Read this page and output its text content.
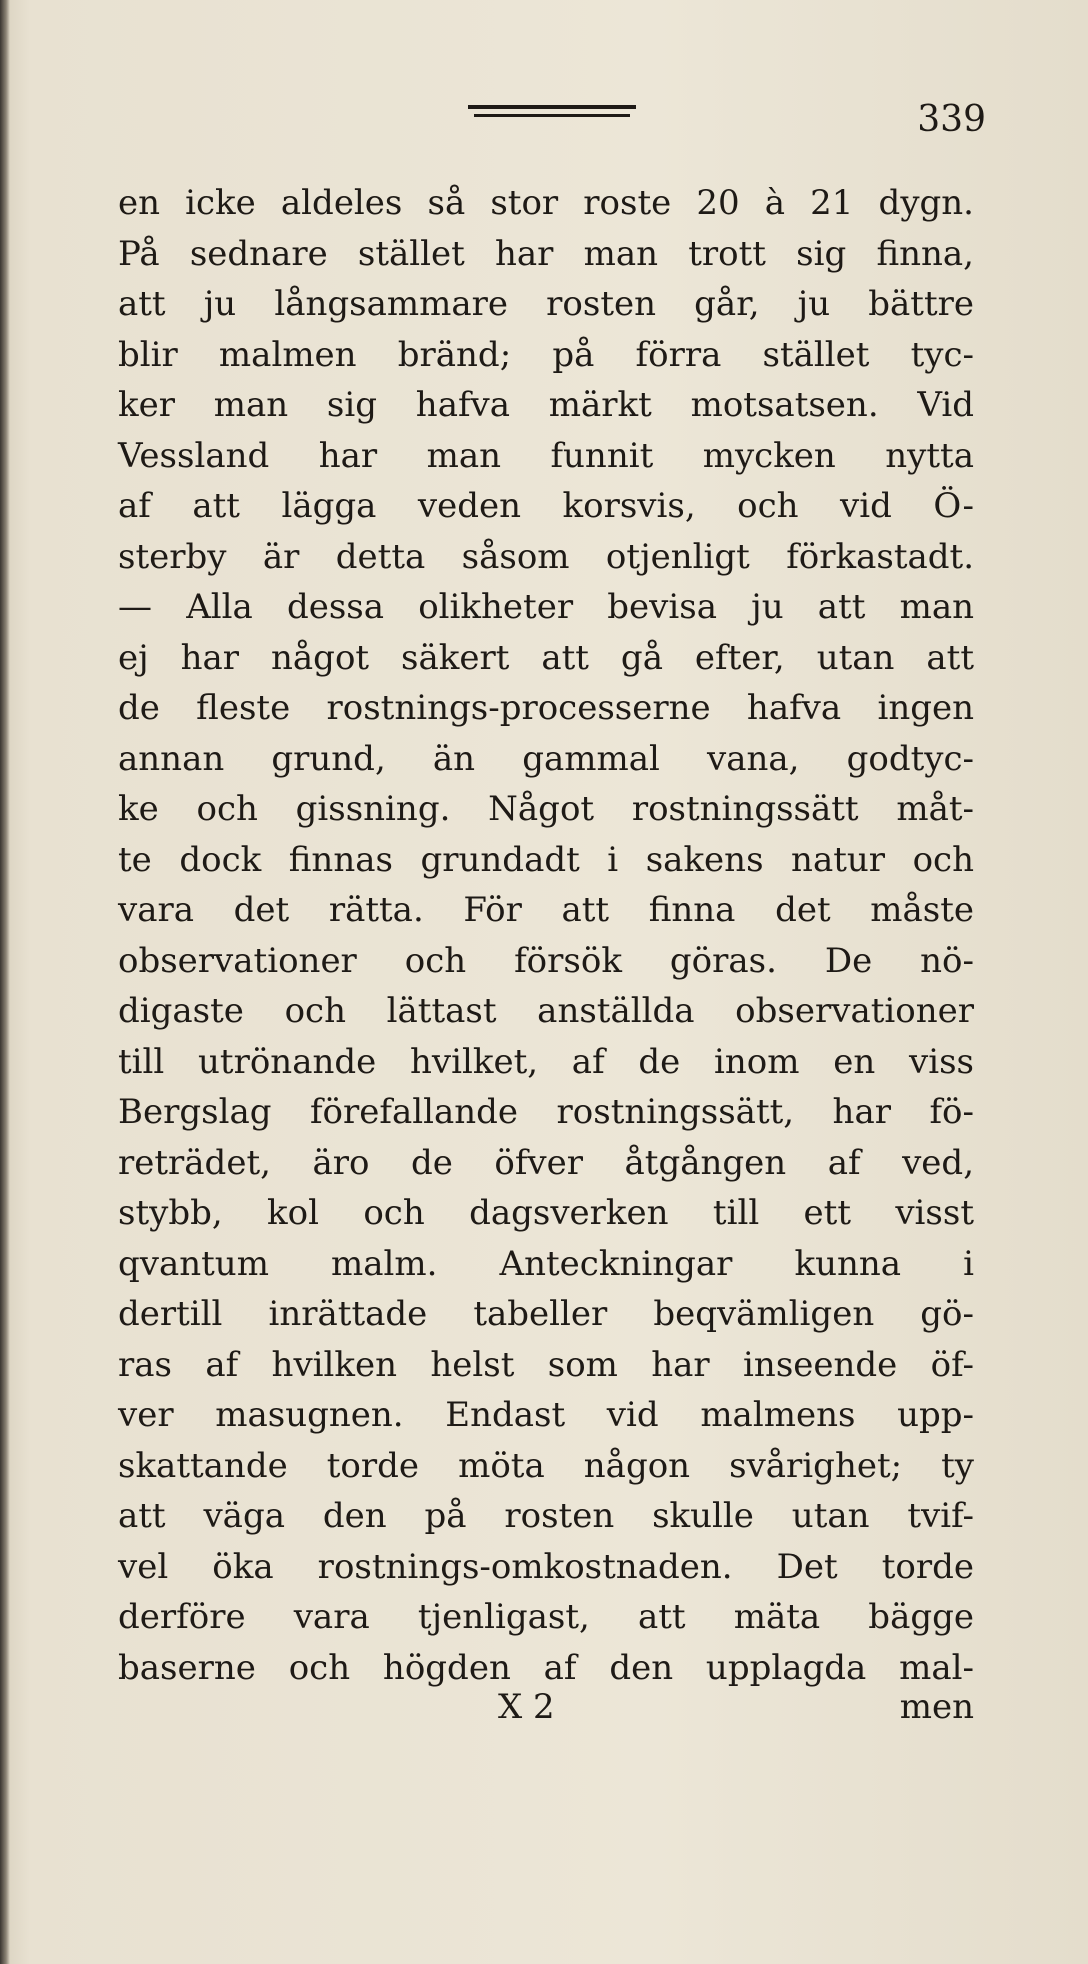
339
en icke aldeles så stor roste 20 à 21 dygn.
På sednare stället har man trott sig finna,
att ju långsammare rosten går, ju bättre
blir malmen bränd; på förra stället tyc-
ker man sig hafva märkt motsatsen. Vid
Vessland har man funnit mycken nytta
af att lägga veden korsvis, och vid Ö-
sterby är detta såsom otjenligt förkastadt.
— Alla dessa olikheter bevisa ju att man
ej har något säkert att gå efter, utan att
de fleste rostnings-processerne hafva ingen
annan grund, än gammal vana, godtyc-
ke och gissning. Något rostningssätt måt-
te dock finnas grundadt i sakens natur och
vara det rätta. För att finna det måste
observationer och försök göras. De nö-
digaste och lättast anställda observationer
till utrönande hvilket, af de inom en viss
Bergslag förefallande rostningssätt, har fö-
reträdet, äro de öfver åtgången af ved,
stybb, kol och dagsverken till ett visst
qvantum malm. Anteckningar kunna i
dertill inrättade tabeller beqvämligen gö-
ras af hvilken helst som har inseende öf-
ver masugnen. Endast vid malmens upp-
skattande torde möta någon svårighet; ty
att väga den på rosten skulle utan tvif-
vel öka rostnings-omkostnaden. Det torde
derföre vara tjenligast, att mäta bägge
baserne och högden af den upplagda mal-
X 2	men
